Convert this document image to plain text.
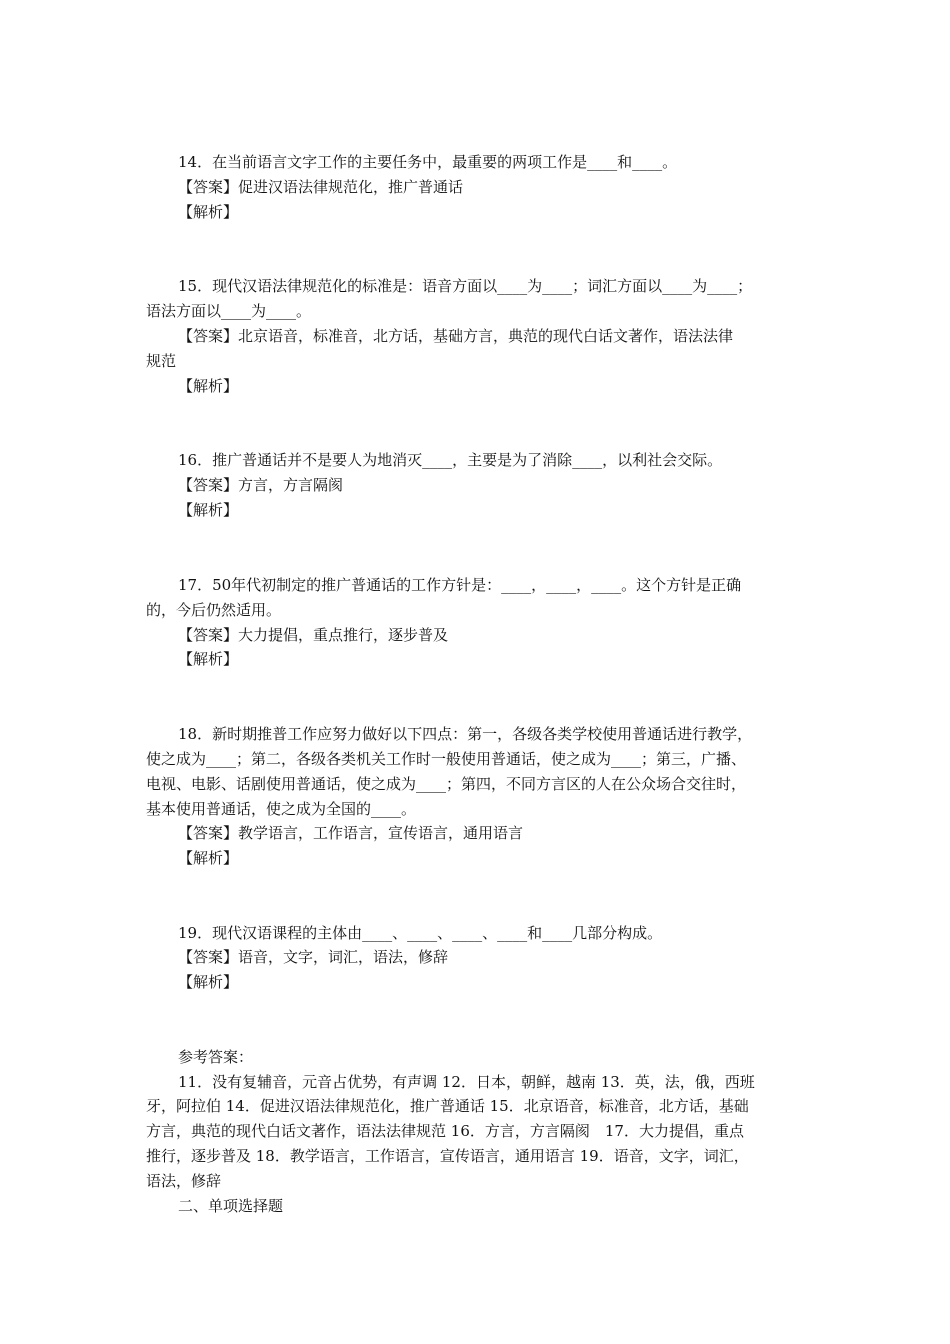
14．在当前语言文字工作的主要任务中，最重要的两项工作是____和____。
【答案】促进汉语法律规范化，推广普通话
【解析】
15．现代汉语法律规范化的标准是：语音方面以____为____；词汇方面以____为____；
语法方面以____为____。
【答案】北京语音，标准音，北方话，基础方言，典范的现代白话文著作，语法法律
规范
【解析】
16．推广普通话并不是要人为地消灭____，主要是为了消除____，以利社会交际。
【答案】方言，方言隔阂
【解析】
17．50年代初制定的推广普通话的工作方针是：____，____，____。这个方针是正确
的，今后仍然适用。
【答案】大力提倡，重点推行，逐步普及
【解析】
18．新时期推普工作应努力做好以下四点：第一，各级各类学校使用普通话进行教学，
使之成为____；第二，各级各类机关工作时一般使用普通话，使之成为____；第三，广播、
电视、电影、话剧使用普通话，使之成为____；第四，不同方言区的人在公众场合交往时，
基本使用普通话，使之成为全国的____。
【答案】教学语言，工作语言，宣传语言，通用语言
【解析】
19．现代汉语课程的主体由____、____、____、____和____几部分构成。
【答案】语音，文字，词汇，语法，修辞
【解析】
参考答案：
11．没有复辅音，元音占优势，有声调 12．日本，朝鲜，越南 13．英，法，俄，西班
牙，阿拉伯 14．促进汉语法律规范化，推广普通话 15．北京语音，标准音，北方话，基础
方言，典范的现代白话文著作，语法法律规范 16．方言，方言隔阂　17．大力提倡，重点
推行，逐步普及 18．教学语言，工作语言，宣传语言，通用语言 19．语音，文字，词汇，
语法，修辞
二、单项选择题
